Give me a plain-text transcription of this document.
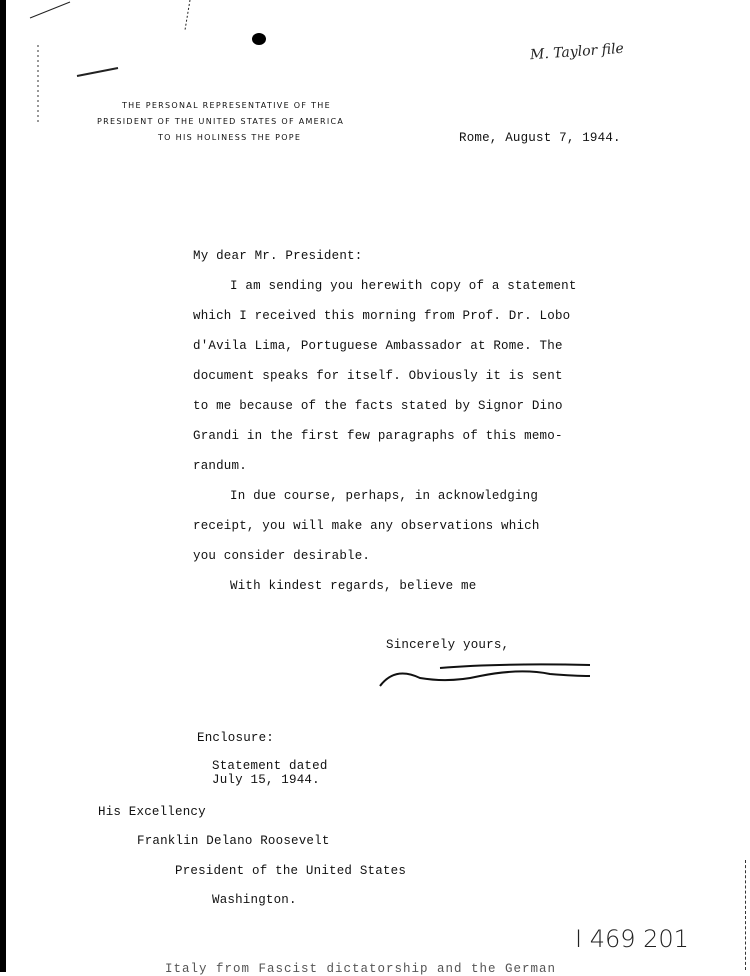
THE PERSONAL REPRESENTATIVE OF THE
PRESIDENT OF THE UNITED STATES OF AMERICA
TO HIS HOLINESS THE POPE	Rome, August 7, 1944.
M. Taylor file
My dear Mr. President:
I am sending you herewith copy of a statement
which I received this morning from Prof. Dr. Lobo
d'Avila Lima, Portuguese Ambassador at Rome. The
document speaks for itself. Obviously it is sent
to me because of the facts stated by Signor Dino
Grandi in the first few paragraphs of this memo-
randum.
In due course, perhaps, in acknowledging
receipt, you will make any observations which
you consider desirable.
With kindest regards, believe me
Sincerely yours,
Enclosure:
Statement dated
July 15, 1944.
His Excellency
Franklin Delano Roosevelt
President of the United States
Washington.
I 469 201
Italy from Fascist dictatorship and the German
